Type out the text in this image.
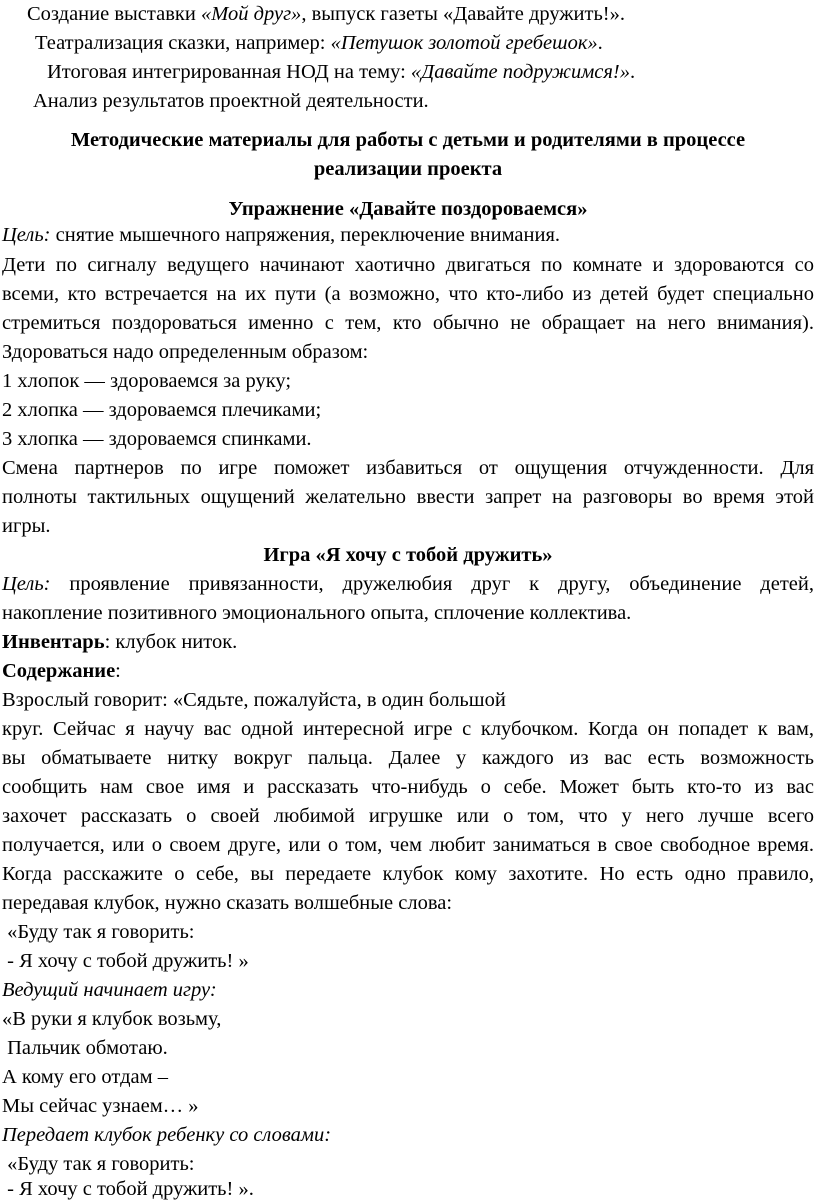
Создание выставки «Мой друг», выпуск газеты «Давайте дружить!».
Театрализация сказки, например: «Петушок золотой гребешок».
Итоговая интегрированная НОД на тему: «Давайте подружимся!».
Анализ результатов проектной деятельности.
Методические материалы для работы с детьми и родителями в процессе
реализации проекта
Упражнение «Давайте поздороваемся»
Цель: снятие мышечного напряжения, переключение внимания.
Дети по сигналу ведущего начинают хаотично двигаться по комнате и здороваются со
всеми, кто встречается на их пути (а возможно, что кто-либо из детей будет специально
стремиться поздороваться именно с тем, кто обычно не обращает на него внимания).
Здороваться надо определенным образом:
1 хлопок — здороваемся за руку;
2 хлопка — здороваемся плечиками;
3 хлопка — здороваемся спинками.
Смена партнеров по игре поможет избавиться от ощущения отчужденности. Для
полноты тактильных ощущений желательно ввести запрет на разговоры во время этой
игры.
Игра «Я хочу с тобой дружить»
Цель: проявление привязанности, дружелюбия друг к другу, объединение детей,
накопление позитивного эмоционального опыта, сплочение коллектива.
Инвентарь: клубок ниток.
Содержание:
Взрослый говорит: «Сядьте, пожалуйста, в один большой
круг. Сейчас я научу вас одной интересной игре с клубочком. Когда он попадет к вам,
вы обматываете нитку вокруг пальца. Далее у каждого из вас есть возможность
сообщить нам свое имя и рассказать что-нибудь о себе. Может быть кто-то из вас
захочет рассказать о своей любимой игрушке или о том, что у него лучше всего
получается, или о своем друге, или о том, чем любит заниматься в свое свободное время.
Когда расскажите о себе, вы передаете клубок кому захотите. Но есть одно правило,
передавая клубок, нужно сказать волшебные слова:
«Буду так я говорить:
- Я хочу с тобой дружить! »
Ведущий начинает игру:
«В руки я клубок возьму,
Пальчик обмотаю.
А кому его отдам –
Мы сейчас узнаем… »
Передает клубок ребенку со словами:
«Буду так я говорить:
- Я хочу с тобой дружить! ».
